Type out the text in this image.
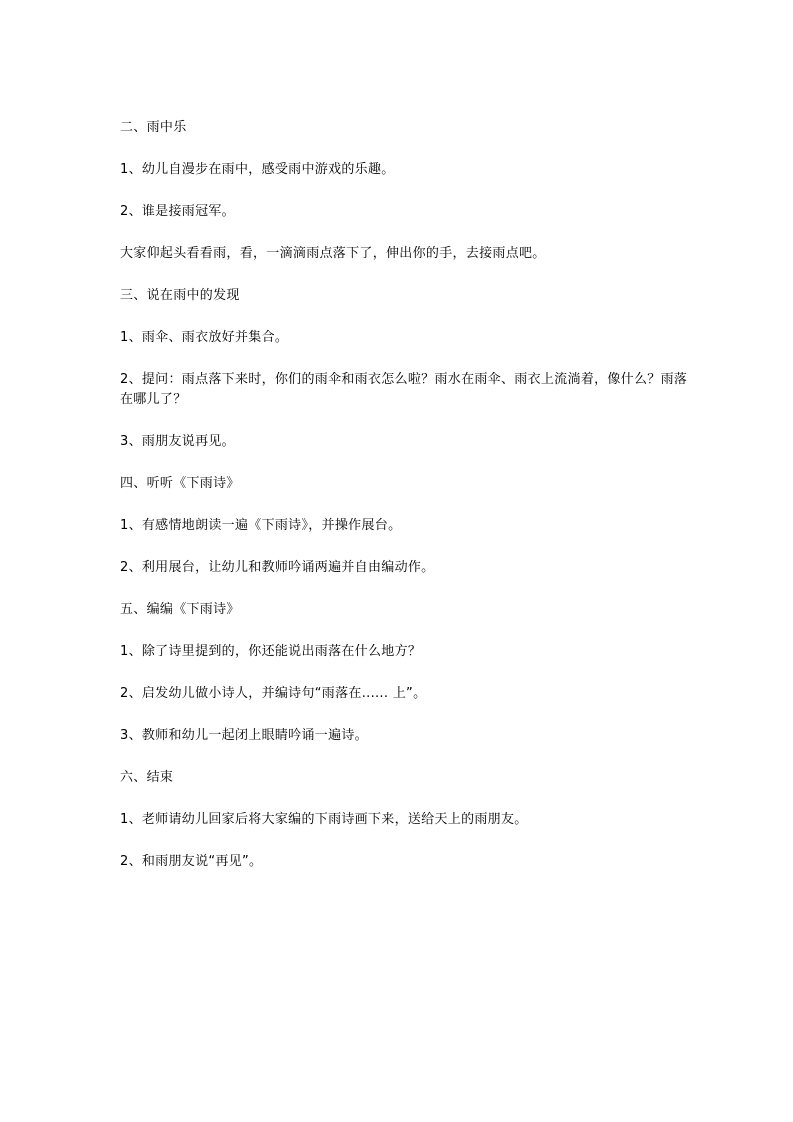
二、雨中乐

1、幼儿自漫步在雨中，感受雨中游戏的乐趣。

2、谁是接雨冠军。

大家仰起头看看雨，看，一滴滴雨点落下了，伸出你的手，去接雨点吧。

三、说在雨中的发现

1、雨伞、雨衣放好并集合。

2、提问：雨点落下来时，你们的雨伞和雨衣怎么啦？雨水在雨伞、雨衣上流淌着，像什么？雨落在哪儿了？

3、雨朋友说再见。

四、听听《下雨诗》

1、有感情地朗读一遍《下雨诗》，并操作展台。

2、利用展台，让幼儿和教师吟诵两遍并自由编动作。

五、编编《下雨诗》

1、除了诗里提到的，你还能说出雨落在什么地方？

2、启发幼儿做小诗人，并编诗句“雨落在...... 上”。

3、教师和幼儿一起闭上眼睛吟诵一遍诗。

六、结束

1、老师请幼儿回家后将大家编的下雨诗画下来，送给天上的雨朋友。

2、和雨朋友说“再见”。
